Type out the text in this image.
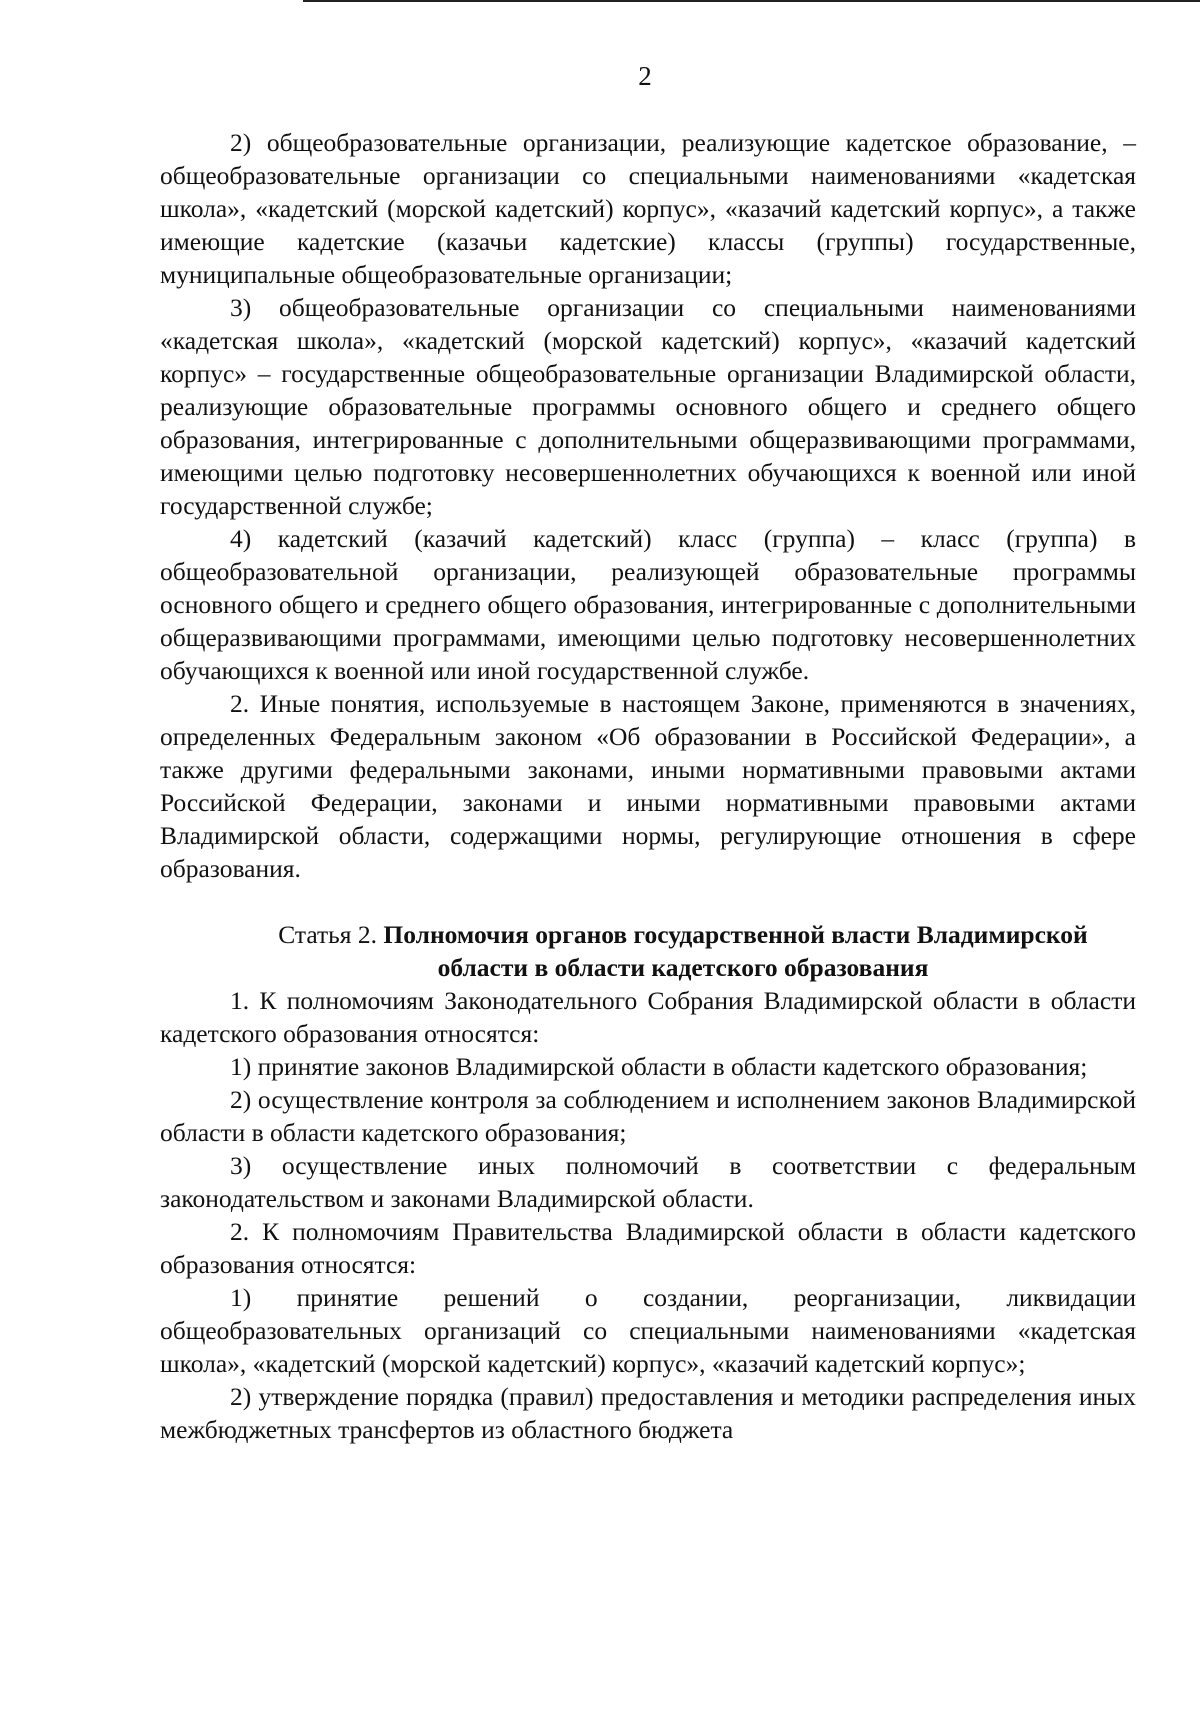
2

2) общеобразовательные организации, реализующие кадетское образование, – общеобразовательные организации со специальными наименованиями «кадетская школа», «кадетский (морской кадетский) корпус», «казачий кадетский корпус», а также имеющие кадетские (казачьи кадетские) классы (группы) государственные, муниципальные общеобразовательные организации;

3) общеобразовательные организации со специальными наименованиями «кадетская школа», «кадетский (морской кадетский) корпус», «казачий кадетский корпус» – государственные общеобразовательные организации Владимирской области, реализующие образовательные программы основного общего и среднего общего образования, интегрированные с дополнительными общеразвивающими программами, имеющими целью подготовку несовершеннолетних обучающихся к военной или иной государственной службе;

4) кадетский (казачий кадетский) класс (группа) – класс (группа) в общеобразовательной организации, реализующей образовательные программы основного общего и среднего общего образования, интегрированные с дополнительными общеразвивающими программами, имеющими целью подготовку несовершеннолетних обучающихся к военной или иной государственной службе.

2. Иные понятия, используемые в настоящем Законе, применяются в значениях, определенных Федеральным законом «Об образовании в Российской Федерации», а также другими федеральными законами, иными нормативными правовыми актами Российской Федерации, законами и иными нормативными правовыми актами Владимирской области, содержащими нормы, регулирующие отношения в сфере образования.

Статья 2. Полномочия органов государственной власти Владимирской области в области кадетского образования

1. К полномочиям Законодательного Собрания Владимирской области в области кадетского образования относятся:

1) принятие законов Владимирской области в области кадетского образования;

2) осуществление контроля за соблюдением и исполнением законов Владимирской области в области кадетского образования;

3) осуществление иных полномочий в соответствии с федеральным законодательством и законами Владимирской области.

2. К полномочиям Правительства Владимирской области в области кадетского образования относятся:

1) принятие решений о создании, реорганизации, ликвидации общеобразовательных организаций со специальными наименованиями «кадетская школа», «кадетский (морской кадетский) корпус», «казачий кадетский корпус»;

2) утверждение порядка (правил) предоставления и методики распределения иных межбюджетных трансфертов из областного бюджета
